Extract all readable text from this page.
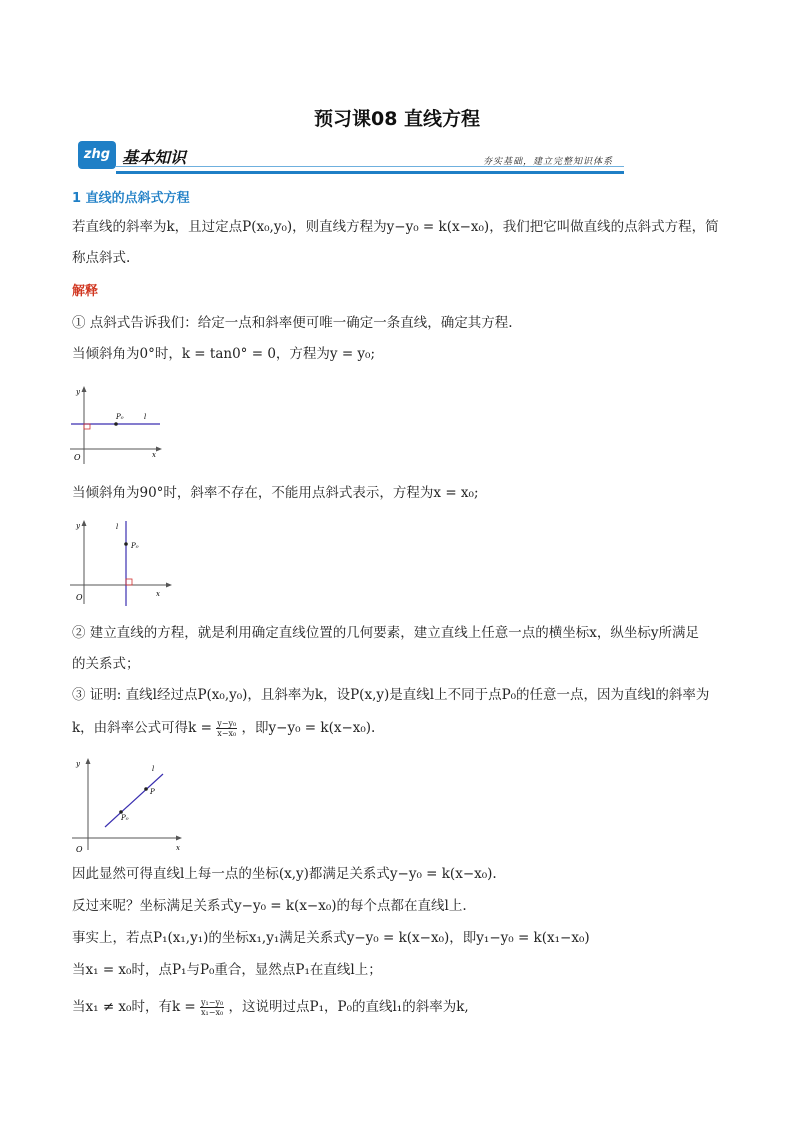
预习课08 直线方程
zhg 基本知识	夯实基础，建立完整知识体系
1 直线的点斜式方程
若直线的斜率为k，且过定点P(x₀,y₀)，则直线方程为y−y₀ = k(x−x₀)，我们把它叫做直线的点斜式方程，简
称点斜式.
解释
① 点斜式告诉我们：给定一点和斜率便可唯一确定一条直线，确定其方程.
当倾斜角为0°时，k = tan0° = 0，方程为y = y₀;
y
x
O
P₀	l
当倾斜角为90°时，斜率不存在，不能用点斜式表示，方程为x = x₀;
y
x
O
P₀
l
② 建立直线的方程，就是利用确定直线位置的几何要素，建立直线上任意一点的横坐标x，纵坐标y所满足
的关系式；
③ 证明: 直线l经过点P(x₀,y₀)，且斜率为k，设P(x,y)是直线l上不同于点P₀的任意一点，因为直线l的斜率为
k，由斜率公式可得$k = \frac{\text{y−y₀}}{\text{x−x₀}}$ ，即y−y₀ = k(x−x₀).
y
x
O
P₀
P
l
因此显然可得直线l上每一点的坐标(x,y)都满足关系式y−y₀ = k(x−x₀).
反过来呢？坐标满足关系式y−y₀ = k(x−x₀)的每个点都在直线l上.
事实上，若点P₁(x₁,y₁)的坐标x₁,y₁满足关系式y−y₀ = k(x−x₀)，即y₁−y₀ = k(x₁−x₀)
当x₁ = x₀时，点P₁与P₀重合，显然点P₁在直线l上；
当x₁ ≠ x₀时，有$k = \frac{\text{y₁−y₀}}{\text{x₁−x₀}}$ ，这说明过点P₁，P₀的直线l₁的斜率为k,
